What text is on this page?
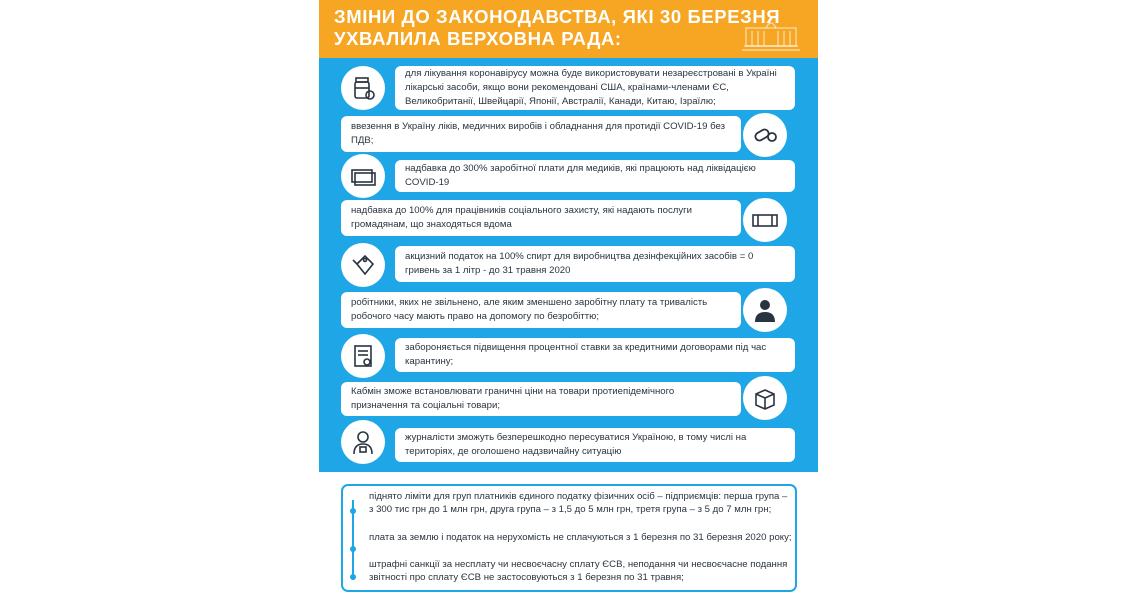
ЗМІНИ ДО ЗАКОНОДАВСТВА, ЯКІ 30 БЕРЕЗНЯ
УХВАЛИЛА ВЕРХОВНА РАДА:
для лікування коронавірусу можна буде використовувати незареєстровані в Україні лікарські засоби, якщо вони рекомендовані США, країнами-членами ЄС, Великобританії, Швейцарії, Японії, Австралії, Канади, Китаю, Ізраїлю;
ввезення в Україну ліків, медичних виробів і обладнання для протидії COVID-19 без ПДВ;
надбавка до 300% заробітної плати для медиків, які працюють над ліквідацією COVID-19
надбавка до 100% для працівників соціального захисту, які надають послуги громадянам, що знаходяться вдома
акцизний податок на 100% спирт для виробництва дезінфекційних засобів = 0 гривень за 1 літр - до 31 травня 2020
робітники, яких не звільнено, але яким зменшено заробітну плату та тривалість робочого часу мають право на допомогу по безробіттю;
забороняється підвищення процентної ставки за кредитними договорами під час карантину;
Кабмін зможе встановлювати граничні ціни на товари протиепідемічного призначення та соціальні товари;
журналісти зможуть безперешкодно пересуватися Україною, в тому числі на територіях, де оголошено надзвичайну ситуацію
піднято ліміти для груп платників єдиного податку фізичних осіб – підприємців: перша група – з 300 тис грн до 1 млн грн, друга група – з 1,5 до 5 млн грн, третя група – з 5 до 7 млн грн;
плата за землю і податок на нерухомість не сплачуються з 1 березня по 31 березня 2020 року;
штрафні санкції за несплату чи несвоєчасну сплату ЄСВ, неподання чи несвоєчасне подання звітності про сплату ЄСВ не застосовуються з 1 березня по 31 травня;
